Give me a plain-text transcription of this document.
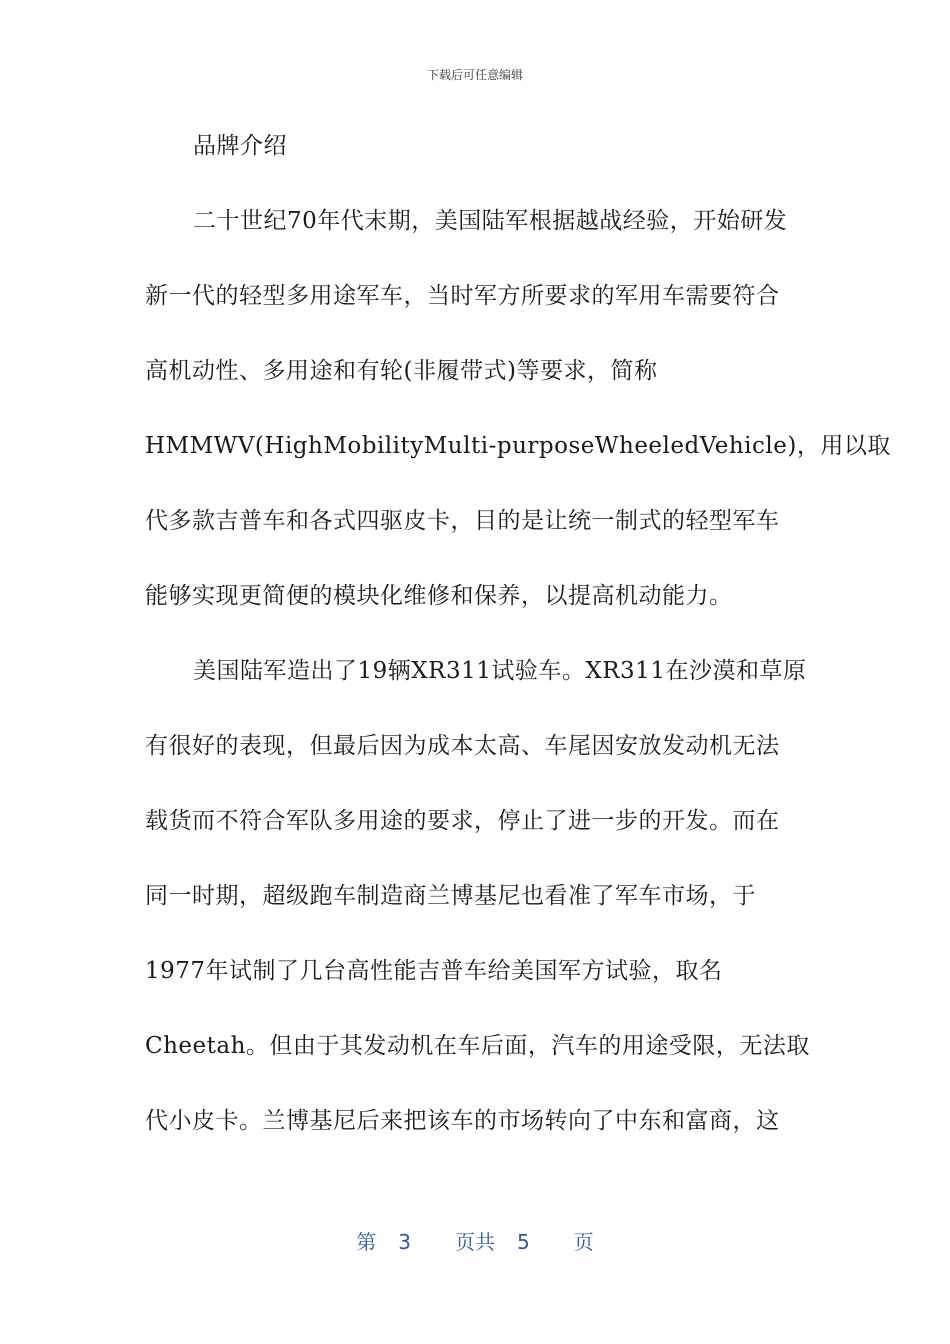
下载后可任意编辑
品牌介绍
二十世纪70年代末期，美国陆军根据越战经验，开始研发
新一代的轻型多用途军车，当时军方所要求的军用车需要符合
高机动性、多用途和有轮(非履带式)等要求，简称
HMMWV(HighMobilityMulti-purposeWheeledVehicle)，用以取
代多款吉普车和各式四驱皮卡，目的是让统一制式的轻型军车
能够实现更简便的模块化维修和保养，以提高机动能力。
美国陆军造出了19辆XR311试验车。XR311在沙漠和草原
有很好的表现，但最后因为成本太高、车尾因安放发动机无法
载货而不符合军队多用途的要求，停止了进一步的开发。而在
同一时期，超级跑车制造商兰博基尼也看准了军车市场，于
1977年试制了几台高性能吉普车给美国军方试验，取名
Cheetah。但由于其发动机在车后面，汽车的用途受限，无法取
代小皮卡。兰博基尼后来把该车的市场转向了中东和富商，这
第 3 页共 5 页
